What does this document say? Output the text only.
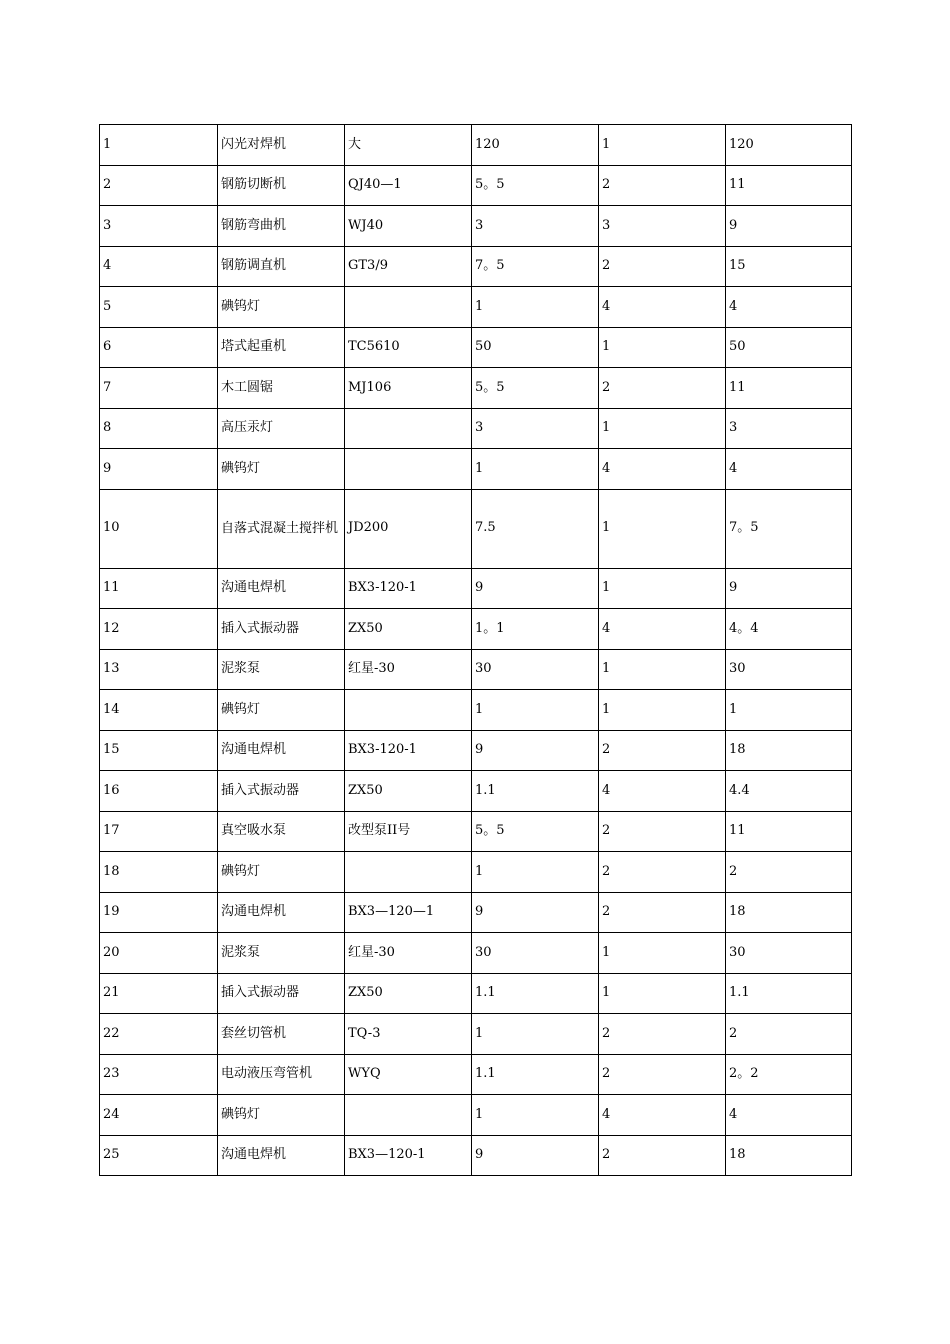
1	闪光对焊机	大	120	1	120
2	钢筋切断机	QJ40—1	5。5	2	11
3	钢筋弯曲机	WJ40	3	3	9
4	钢筋调直机	GT3/9	7。5	2	15
5	碘钨灯		1	4	4
6	塔式起重机	TC5610	50	1	50
7	木工圆锯	MJ106	5。5	2	11
8	高压汞灯		3	1	3
9	碘钨灯		1	4	4
10	自落式混凝土搅拌机	JD200	7.5	1	7。5
11	沟通电焊机	BX3-120-1	9	1	9
12	插入式振动器	ZX50	1。1	4	4。4
13	泥浆泵	红星-30	30	1	30
14	碘钨灯		1	1	1
15	沟通电焊机	BX3-120-1	9	2	18
16	插入式振动器	ZX50	1.1	4	4.4
17	真空吸水泵	改型泵II号	5。5	2	11
18	碘钨灯		1	2	2
19	沟通电焊机	BX3—120—1	9	2	18
20	泥浆泵	红星-30	30	1	30
21	插入式振动器	ZX50	1.1	1	1.1
22	套丝切管机	TQ-3	1	2	2
23	电动液压弯管机	WYQ	1.1	2	2。2
24	碘钨灯		1	4	4
25	沟通电焊机	BX3—120-1	9	2	18
